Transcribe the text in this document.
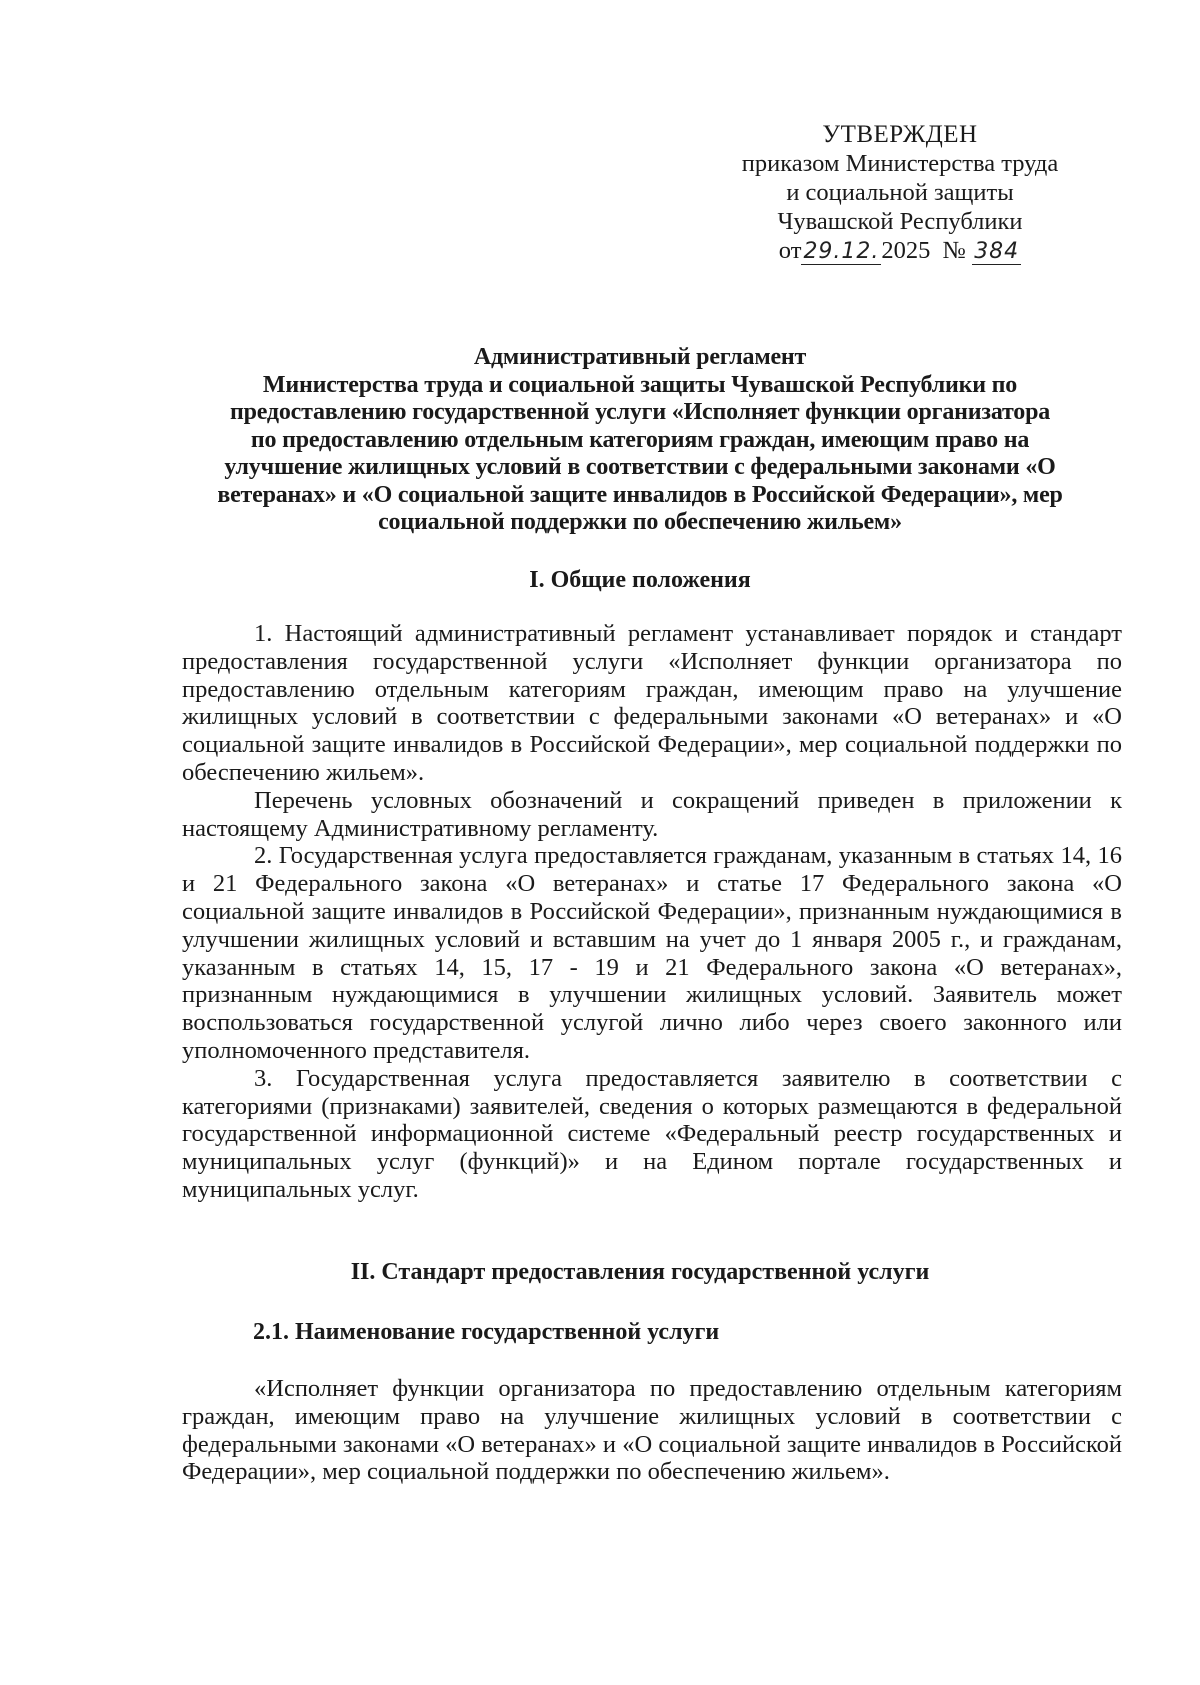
УТВЕРЖДЕН
приказом Министерства труда
и социальной защиты
Чувашской Республики
от29.12.2025 № 384
Административный регламент
Министерства труда и социальной защиты Чувашской Республики по
предоставлению государственной услуги «Исполняет функции организатора
по предоставлению отдельным категориям граждан, имеющим право на
улучшение жилищных условий в соответствии с федеральными законами «О
ветеранах» и «О социальной защите инвалидов в Российской Федерации», мер
социальной поддержки по обеспечению жильем»
I. Общие положения

1. Настоящий административный регламент устанавливает порядок и стандарт предоставления государственной услуги «Исполняет функции организатора по предоставлению отдельным категориям граждан, имеющим право на улучшение жилищных условий в соответствии с федеральными законами «О ветеранах» и «О социальной защите инвалидов в Российской Федерации», мер социальной поддержки по обеспечению жильем».

Перечень условных обозначений и сокращений приведен в приложении к настоящему Административному регламенту.

2. Государственная услуга предоставляется гражданам, указанным в статьях 14, 16 и 21 Федерального закона «О ветеранах» и статье 17 Федерального закона «О социальной защите инвалидов в Российской Федерации», признанным нуждающимися в улучшении жилищных условий и вставшим на учет до 1 января 2005 г., и гражданам, указанным в статьях 14, 15, 17 - 19 и 21 Федерального закона «О ветеранах», признанным нуждающимися в улучшении жилищных условий. Заявитель может воспользоваться государственной услугой лично либо через своего законного или уполномоченного представителя.

3. Государственная услуга предоставляется заявителю в соответствии с категориями (признаками) заявителей, сведения о которых размещаются в федеральной государственной информационной системе «Федеральный реестр государственных и муниципальных услуг (функций)» и на Едином портале государственных и муниципальных услуг.

II. Стандарт предоставления государственной услуги
2.1. Наименование государственной услуги

«Исполняет функции организатора по предоставлению отдельным категориям граждан, имеющим право на улучшение жилищных условий в соответствии с федеральными законами «О ветеранах» и «О социальной защите инвалидов в Российской Федерации», мер социальной поддержки по обеспечению жильем».
